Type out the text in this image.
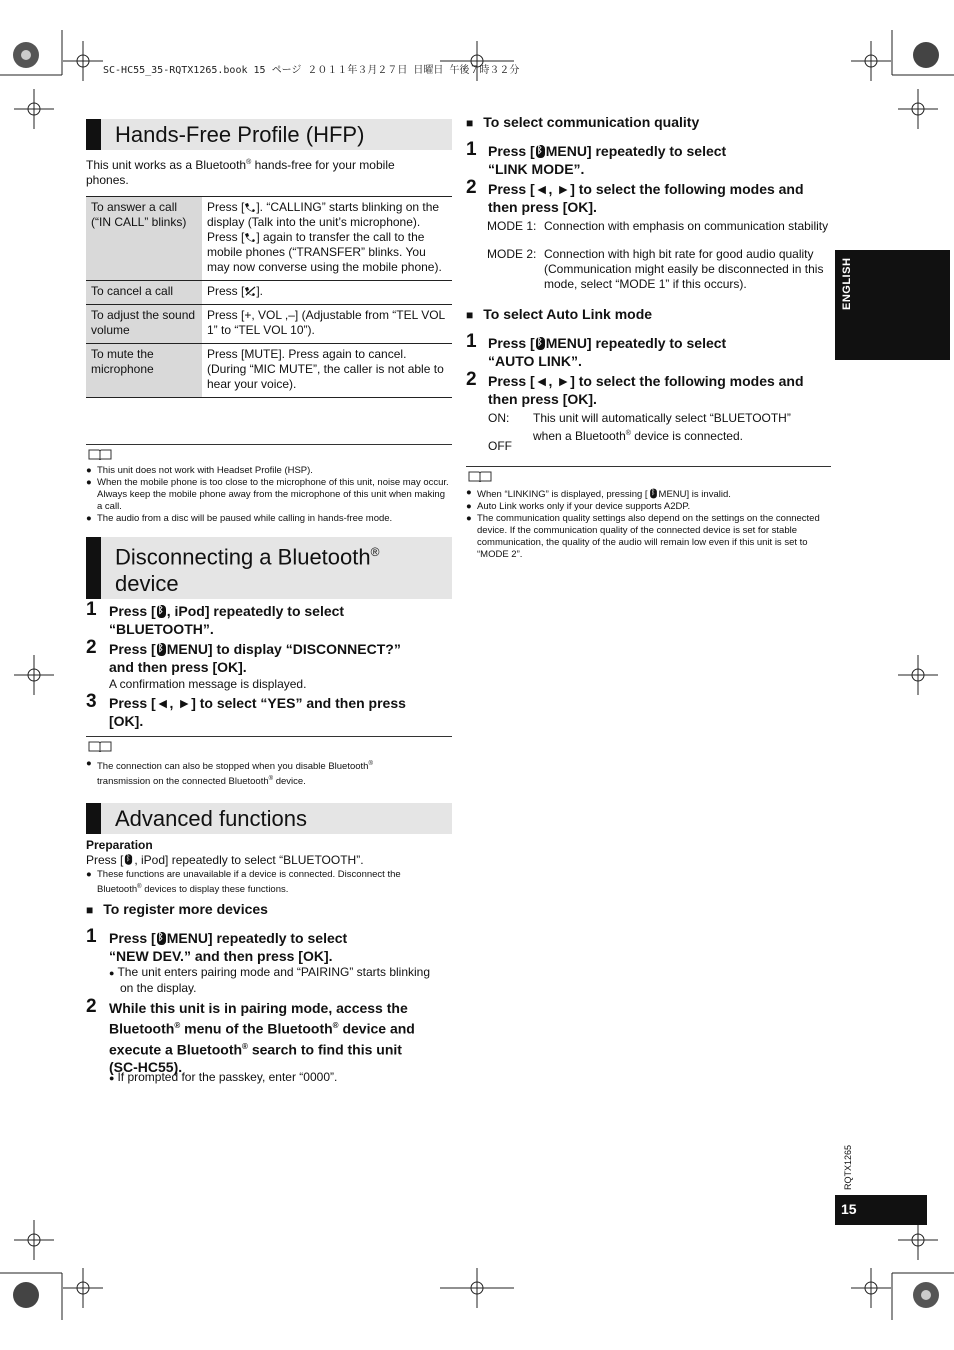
SC-HC55_35-RQTX1265.book 15 ページ ２０１１年３月２７日 日曜日 午後７時３２分
Hands-Free Profile (HFP)
This unit works as a Bluetooth® hands-free for your mobile
phones.
To answer a call (“IN CALL” blinks)	Press [ ]. “CALLING” starts blinking on the display (Talk into the unit’s microphone).
Press [ ] again to transfer the call to the mobile phones (“TRANSFER” blinks. You may now converse using the mobile phone).
To cancel a call	Press [ ].
To adjust the sound volume	Press [+, VOL ,–] (Adjustable from “TEL VOL 1” to “TEL VOL 10”).
To mute the microphone	Press [MUTE]. Press again to cancel. (During “MIC MUTE”, the caller is not able to hear your voice).
● This unit does not work with Headset Profile (HSP).
● When the mobile phone is too close to the microphone of this unit, noise may occur. Always keep the mobile phone away from the microphone of this unit when making a call.
● The audio from a disc will be paused while calling in hands-free mode.
Disconnecting a Bluetooth®
device
1 Press [ ᛒ , iPod] repeatedly to select
“BLUETOOTH”.
2 Press [ ᛒ MENU] to display “DISCONNECT?”
and then press [OK].
A confirmation message is displayed.
3 Press [◄, ►] to select “YES” and then press
[OK].
● The connection can also be stopped when you disable Bluetooth®
transmission on the connected Bluetooth® device.
Advanced functions
Preparation
Press [ ᛒ , iPod] repeatedly to select “BLUETOOTH”.
● These functions are unavailable if a device is connected. Disconnect the
Bluetooth® devices to display these functions.
■ To register more devices
1 Press [ ᛒ MENU] repeatedly to select
“NEW DEV.” and then press [OK].
● The unit enters pairing mode and “PAIRING” starts blinking
on the display.
2 While this unit is in pairing mode, access the
Bluetooth® menu of the Bluetooth® device and
execute a Bluetooth® search to find this unit
(SC-HC55).
● If prompted for the passkey, enter “0000”.
■ To select communication quality
1 Press [ ᛒ MENU] repeatedly to select
“LINK MODE”.
2 Press [◄, ►] to select the following modes and
then press [OK].
MODE 1: Connection with emphasis on communication stability
MODE 2: Connection with high bit rate for good audio quality (Communication might easily be disconnected in this mode, select “MODE 1” if this occurs).
■ To select Auto Link mode
1 Press [ ᛒ MENU] repeatedly to select
“AUTO LINK”.
2 Press [◄, ►] to select the following modes and
then press [OK].
ON: This unit will automatically select “BLUETOOTH”
when a Bluetooth® device is connected.
OFF
● When “LINKING” is displayed, pressing [ ᛒ MENU] is invalid.
● Auto Link works only if your device supports A2DP.
● The communication quality settings also depend on the settings on the connected device. If the communication quality of the connected device is set for stable communication, the quality of the audio will remain low even if this unit is set to “MODE 2”.
ENGLISH
RQTX1265
15
